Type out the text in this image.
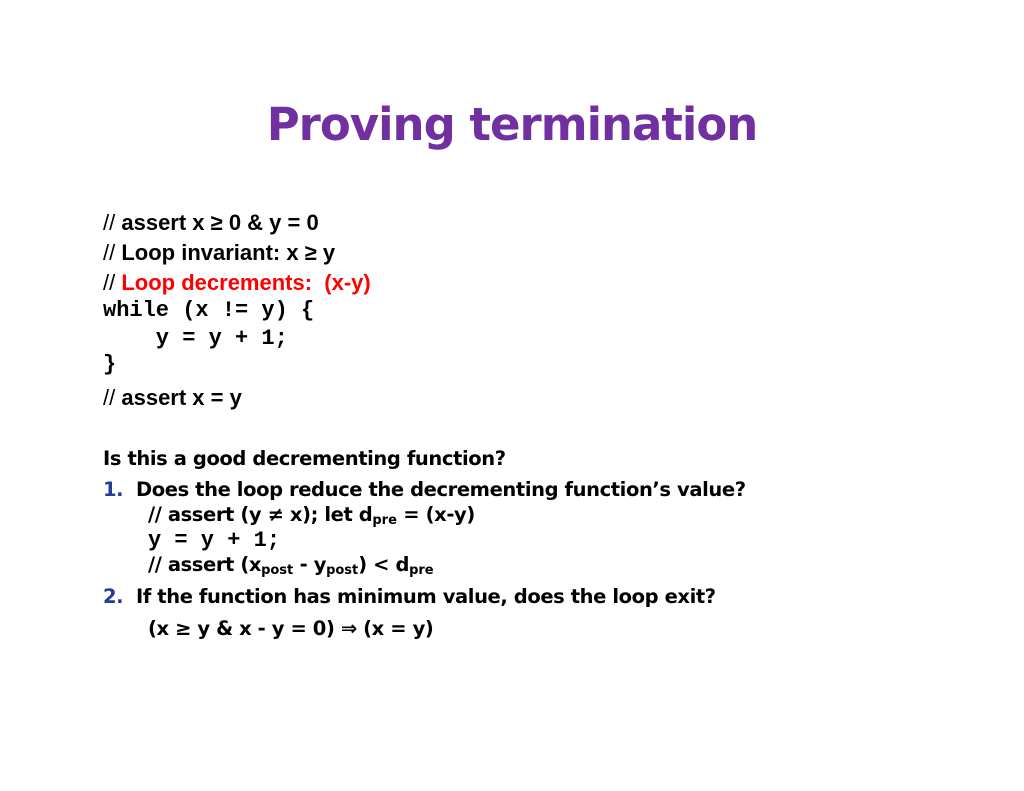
Proving termination
// assert x ≥ 0 & y = 0
// Loop invariant: x ≥ y
// Loop decrements:  (x-y)
while (x != y) {
y = y + 1;
}
// assert x = y
Is this a good decrementing function?
1. Does the loop reduce the decrementing function’s value?
// assert (y ≠ x); let $d_{pre} = (x-y)$
y = y + 1;
// assert $(x_{post} - y_{post}) < d_{pre}$
2. If the function has minimum value, does the loop exit?
(x ≥ y & x - y = 0) ⇒ (x = y)
